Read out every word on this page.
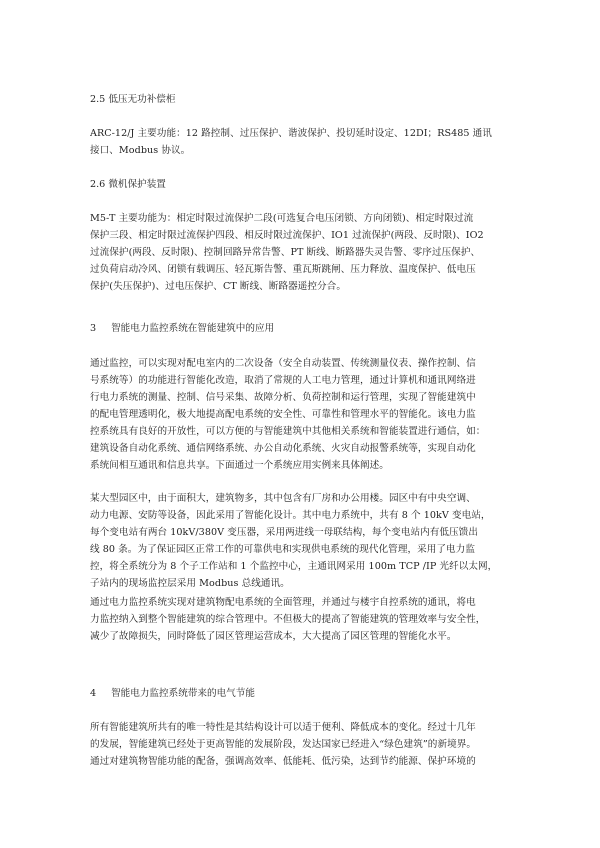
2.5 低压无功补偿柜
ARC-12/J 主要功能：12 路控制、过压保护、谐波保护、投切延时设定、12DI；RS485 通讯
接口、Modbus 协议。
2.6 微机保护装置
M5-T 主要功能为：相定时限过流保护二段(可选复合电压闭锁、方向闭锁)、相定时限过流
保护三段、相定时限过流保护四段、相反时限过流保护、IO1 过流保护(两段、反时限)、IO2
过流保护(两段、反时限)、控制回路异常告警、PT 断线、断路器失灵告警、零序过压保护、
过负荷启动冷风、闭锁有载调压、轻瓦斯告警、重瓦斯跳闸、压力释放、温度保护、低电压
保护(失压保护)、过电压保护、CT 断线、断路器遥控分合。
3 智能电力监控系统在智能建筑中的应用
通过监控，可以实现对配电室内的二次设备（安全自动装置、传统测量仪表、操作控制、信
号系统等）的功能进行智能化改造，取消了常规的人工电力管理，通过计算机和通讯网络进
行电力系统的测量、控制、信号采集、故障分析、负荷控制和运行管理，实现了智能建筑中
的配电管理透明化，极大地提高配电系统的安全性、可靠性和管理水平的智能化。该电力监
控系统具有良好的开放性，可以方便的与智能建筑中其他相关系统和智能装置进行通信，如：
建筑设备自动化系统、通信网络系统、办公自动化系统、火灾自动报警系统等，实现自动化
系统间相互通讯和信息共享。下面通过一个系统应用实例来具体阐述。
某大型园区中，由于面积大，建筑物多，其中包含有厂房和办公用楼。园区中有中央空调、
动力电源、安防等设备，因此采用了智能化设计。其中电力系统中，共有 8 个 10kV 变电站，
每个变电站有两台 10kV/380V 变压器，采用两进线一母联结构，每个变电站内有低压馈出
线 80 条。为了保证园区正常工作的可靠供电和实现供电系统的现代化管理，采用了电力监
控，将全系统分为 8 个子工作站和 1 个监控中心，主通讯网采用 100m TCP /IP 光纤以太网，
子站内的现场监控层采用 Modbus 总线通讯。
通过电力监控系统实现对建筑物配电系统的全面管理，并通过与楼宇自控系统的通讯，将电
力监控纳入到整个智能建筑的综合管理中。不但极大的提高了智能建筑的管理效率与安全性，
减少了故障损失，同时降低了园区管理运营成本，大大提高了园区管理的智能化水平。
4 智能电力监控系统带来的电气节能
所有智能建筑所共有的唯一特性是其结构设计可以适于便利、降低成本的变化。经过十几年
的发展，智能建筑已经处于更高智能的发展阶段，发达国家已经进入“绿色建筑”的新境界。
通过对建筑物智能功能的配备，强调高效率、低能耗、低污染，达到节约能源、保护环境的
